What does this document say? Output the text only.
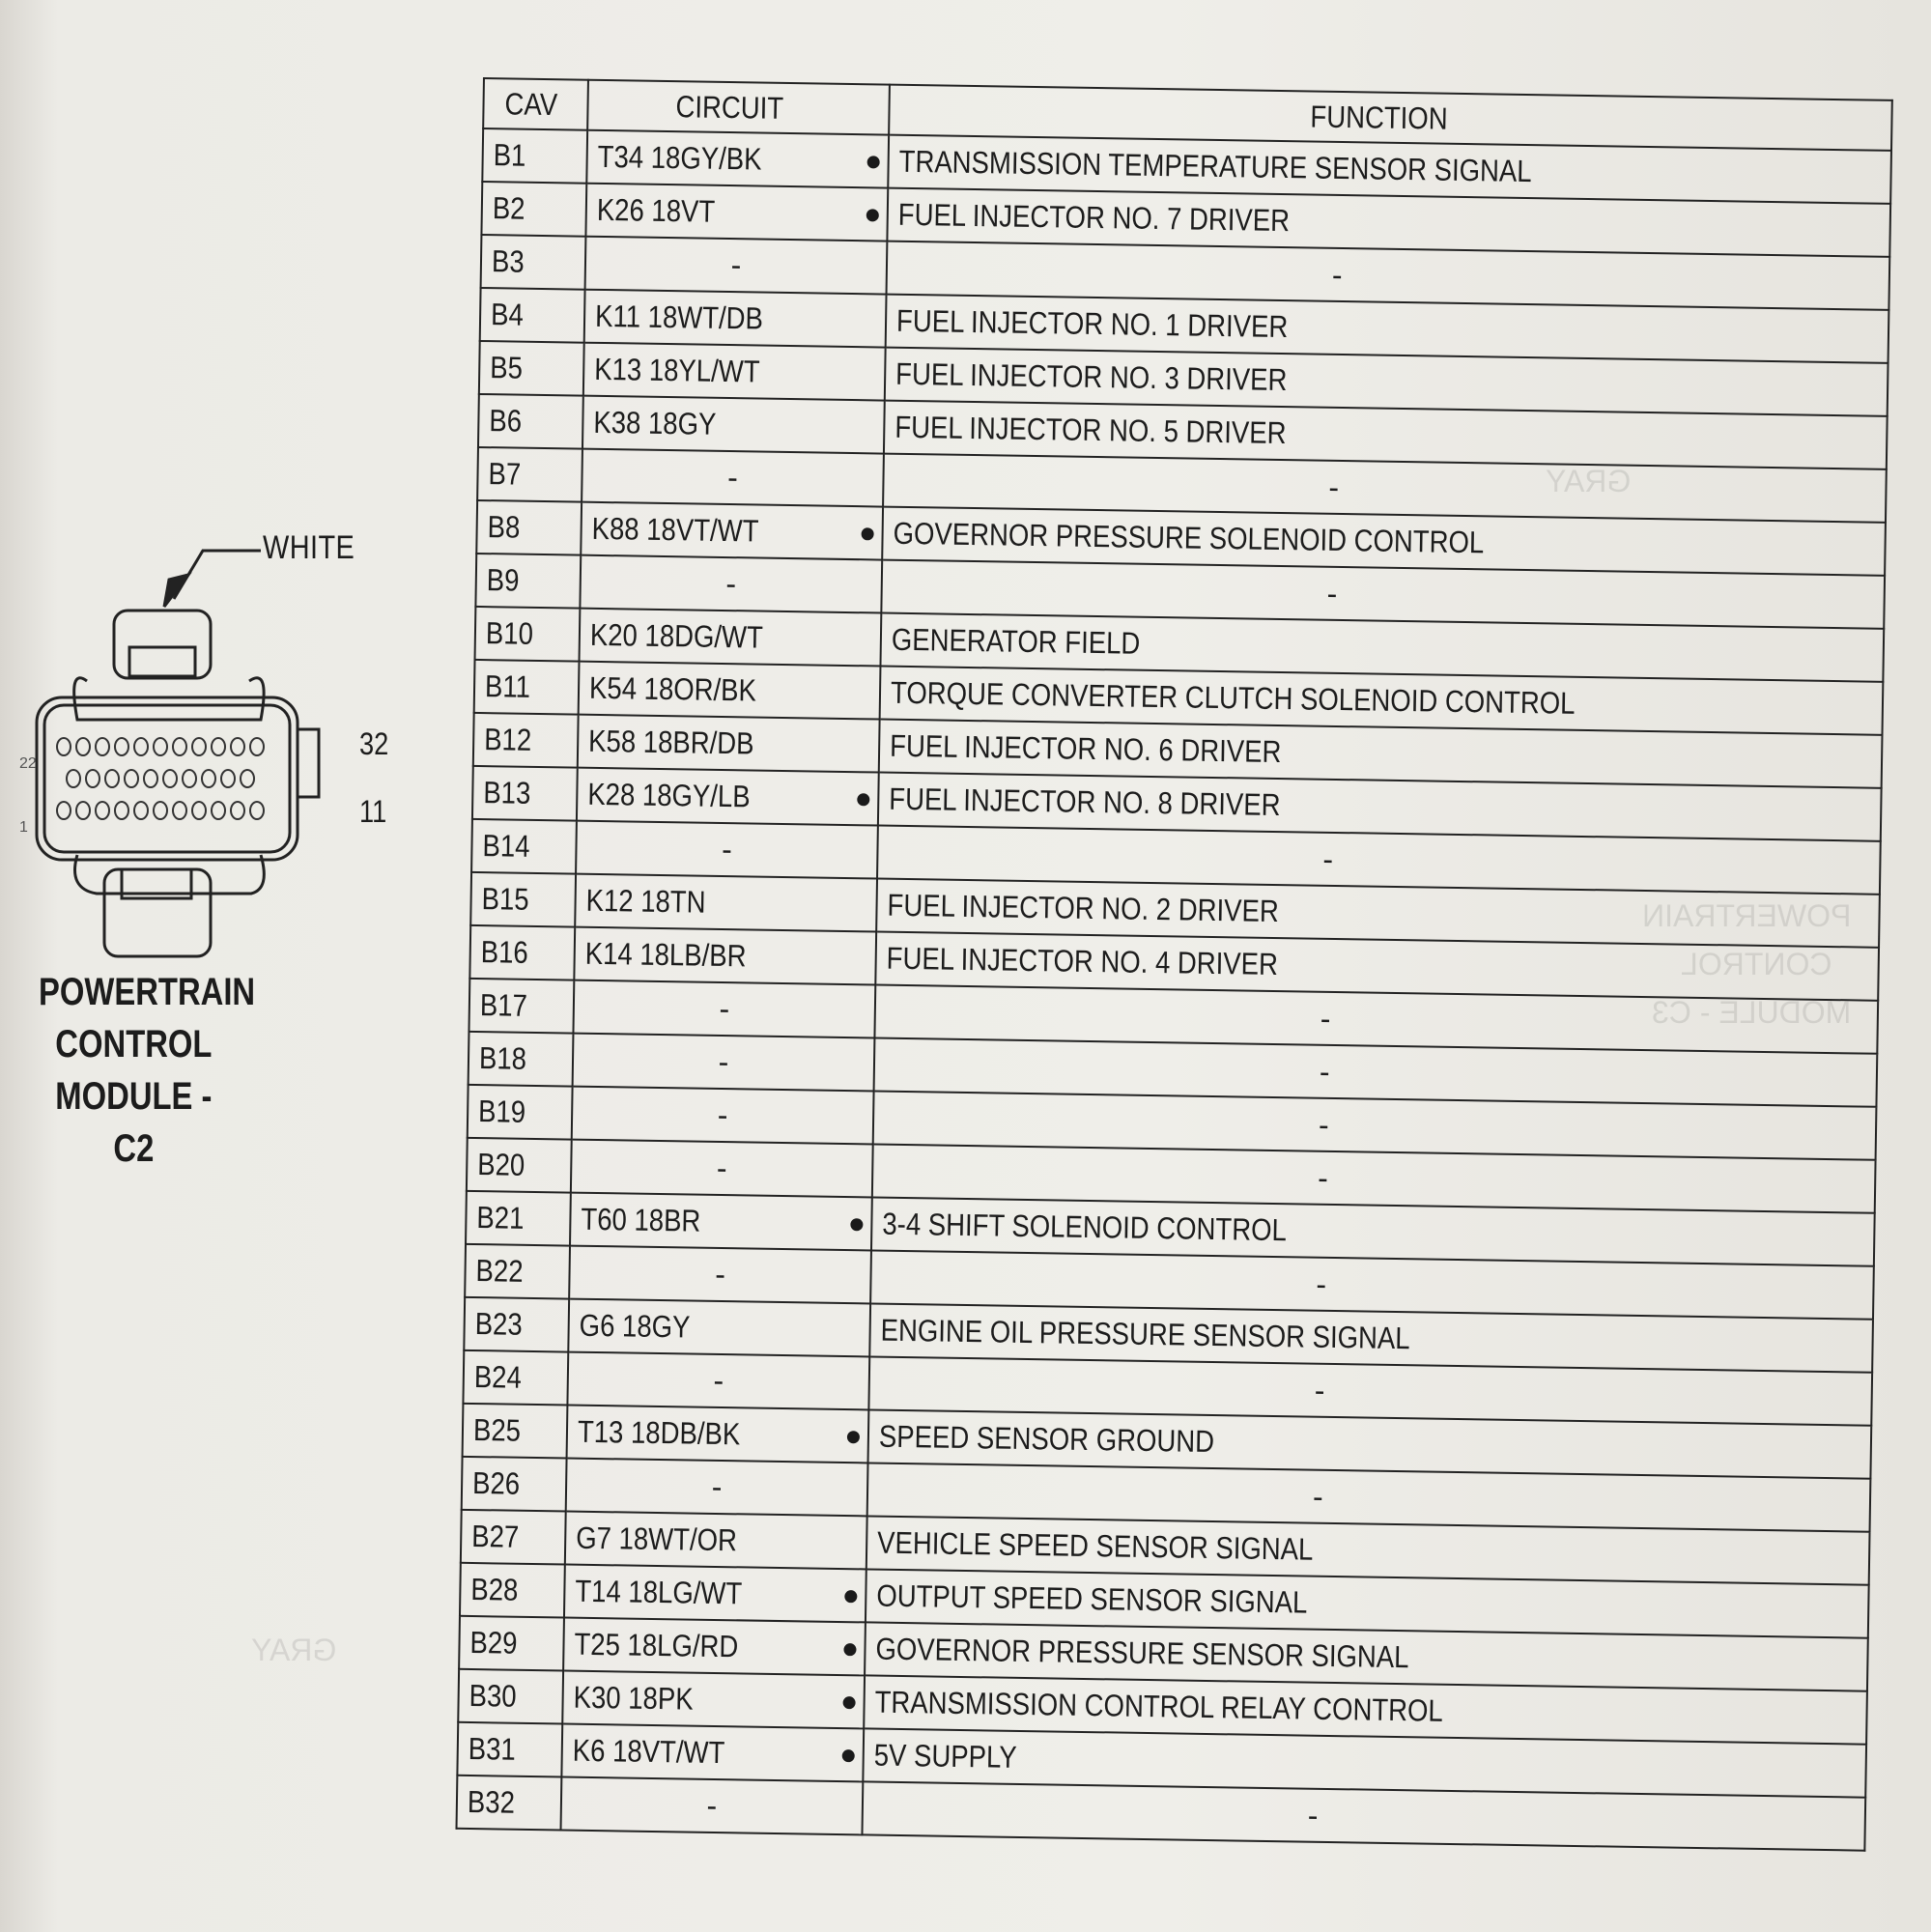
POWERTRAIN
CONTROL
MODULE - C3
GRAY
GRAY
WHITE
32
11
22
1
POWERTRAIN
CONTROL
MODULE - C2
CAV	CIRCUIT	FUNCTION
B1	T34 18GY/BK	TRANSMISSION TEMPERATURE SENSOR SIGNAL
B2	K26 18VT	FUEL INJECTOR NO. 7 DRIVER
B3	-	-

B4	K11 18WT/DB	FUEL INJECTOR NO. 1 DRIVER
B5	K13 18YL/WT	FUEL INJECTOR NO. 3 DRIVER
B6	K38 18GY	FUEL INJECTOR NO. 5 DRIVER
B7	-	-

B8	K88 18VT/WT	GOVERNOR PRESSURE SOLENOID CONTROL
B9	-	-

B10	K20 18DG/WT	GENERATOR FIELD
B11	K54 18OR/BK	TORQUE CONVERTER CLUTCH SOLENOID CONTROL
B12	K58 18BR/DB	FUEL INJECTOR NO. 6 DRIVER
B13	K28 18GY/LB	FUEL INJECTOR NO. 8 DRIVER
B14	-	-

B15	K12 18TN	FUEL INJECTOR NO. 2 DRIVER
B16	K14 18LB/BR	FUEL INJECTOR NO. 4 DRIVER
B17	-	-

B18	-	-

B19	-	-

B20	-	-

B21	T60 18BR	3-4 SHIFT SOLENOID CONTROL
B22	-	-

B23	G6 18GY	ENGINE OIL PRESSURE SENSOR SIGNAL
B24	-	-

B25	T13 18DB/BK	SPEED SENSOR GROUND
B26	-	-

B27	G7 18WT/OR	VEHICLE SPEED SENSOR SIGNAL
B28	T14 18LG/WT	OUTPUT SPEED SENSOR SIGNAL
B29	T25 18LG/RD	GOVERNOR PRESSURE SENSOR SIGNAL
B30	K30 18PK	TRANSMISSION CONTROL RELAY CONTROL
B31	K6 18VT/WT	5V SUPPLY
B32	-	-
